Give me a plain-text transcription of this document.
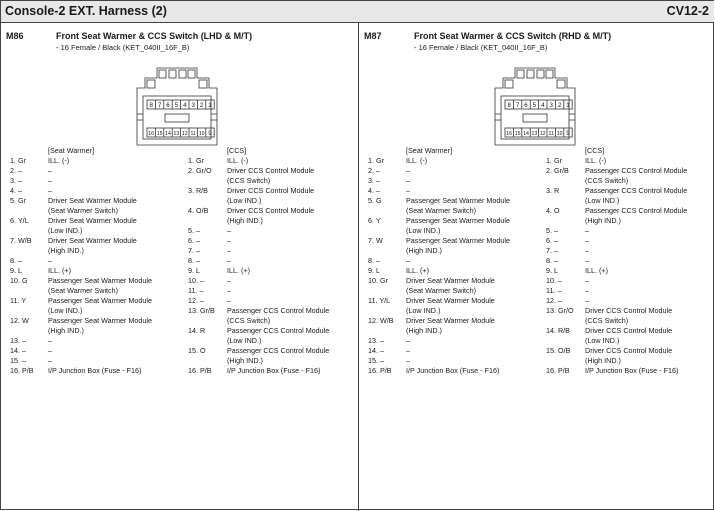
Console-2 EXT. Harness (2)	CV12-2
M86	Front Seat Warmer & CCS Switch (LHD & M/T)
- 16 Female / Black (KET_040II_16F_B)
8 7 6 5 4 3 2 1
16 15 14 13 12 11 10 9
[Seat Warmer]	[CCS]
1. Gr	ILL. (-)
2. –	–
3. –	–
4. –	–
5. Gr	Driver Seat Warmer Module
(Seat Warmer Switch)
6. Y/L	Driver Seat Warmer Module
(Low IND.)
7. W/B Driver Seat Warmer Module
(High IND.)
8. –	–
9. L	ILL. (+)
10. G	Passenger Seat Warmer Module
(Seat Warmer Switch)
11. Y	Passenger Seat Warmer Module
(Low IND.)
12. W	Passenger Seat Warmer Module
(High IND.)
13. –	–
14. –	–
15. –	–
16. P/B I/P Junction Box (Fuse - F16)
1. Gr	ILL. (-)
2. Gr/O Driver CCS Control Module
(CCS Switch)
3. R/B	Driver CCS Control Module
(Low IND.)
4. O/B	Driver CCS Control Module
(High IND.)
5. –	–
6. –	–
7. –	–
8. –	–
9. L	ILL. (+)
10. –	–
11. –	–
12. –	–
13. Gr/B Passenger CCS Control Module
(CCS Switch)
14. R	Passenger CCS Control Module
(Low IND.)
15. O	Passenger CCS Control Module
(High IND.)
16. P/B I/P Junction Box (Fuse - F16)
M87	Front Seat Warmer & CCS Switch (RHD & M/T)
- 16 Female / Black (KET_040II_16F_B)
8 7 6 5 4 3 2 1
16 15 14 13 12 11 10 9
[Seat Warmer]	[CCS]
1. Gr	ILL. (-)
2. –	–
3. –	–
4. –	–
5. G	Passenger Seat Warmer Module
(Seat Warmer Switch)
6. Y	Passenger Seat Warmer Module
(Low IND.)
7. W	Passenger Seat Warmer Module
(High IND.)
8. –	–
9. L	ILL. (+)
10. Gr	Driver Seat Warmer Module
(Seat Warmer Switch)
11. Y/L Driver Seat Warmer Module
(Low IND.)
12. W/B Driver Seat Warmer Module
(High IND.)
13. –	–
14. –	–
15. –	–
16. P/B I/P Junction Box (Fuse - F16)
1. Gr	ILL. (-)
2. Gr/B Passenger CCS Control Module
(CCS Switch)
3. R	Passenger CCS Control Module
(Low IND.)
4. O	Passenger CCS Control Module
(High IND.)
5. –	–
6. –	–
7. –	–
8. –	–
9. L	ILL. (+)
10. –	–
11. –	–
12. –	–
13. Gr/O Driver CCS Control Module
(CCS Switch)
14. R/B Driver CCS Control Module
(Low IND.)
15. O/B Driver CCS Control Module
(High IND.)
16. P/B I/P Junction Box (Fuse - F16)
